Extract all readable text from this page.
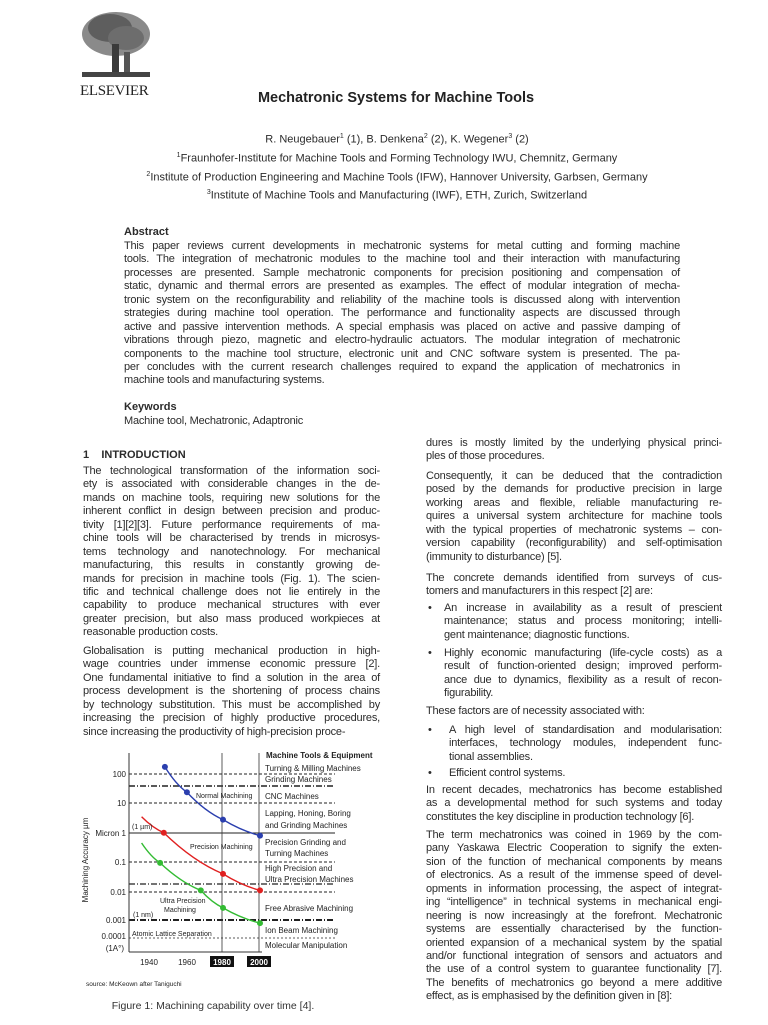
ELSEVIER	Mechatronic Systems for Machine Tools
R. Neugebauer$^1$ (1), B. Denkena$^2$ (2), K. Wegener$^3$ (2)
$^1$Fraunhofer-Institute for Machine Tools and Forming Technology IWU, Chemnitz, Germany
$^2$Institute of Production Engineering and Machine Tools (IFW), Hannover University, Garbsen, Germany
$^3$Institute of Machine Tools and Manufacturing (IWF), ETH, Zurich, Switzerland
Abstract
This paper reviews current developments in mechatronic systems for metal cutting and forming machine
tools. The integration of mechatronic modules to the machine tool and their interaction with manufacturing
processes are presented. Sample mechatronic components for precision positioning and compensation of
static, dynamic and thermal errors are presented as examples. The effect of modular integration of mecha-
tronic system on the reconfigurability and reliability of the machine tools is discussed along with intervention
strategies during machine tool operation. The performance and functionality aspects are discussed through
active and passive intervention methods. A special emphasis was placed on active and passive damping of
vibrations through piezo, magnetic and electro-hydraulic actuators. The modular integration of mechatronic
components to the machine tool structure, electronic unit and CNC software system is presented. The pa-
per concludes with the current research challenges required to expand the application of mechatronics in
machine tools and manufacturing systems.
Keywords
Machine tool, Mechatronic, Adaptronic
1    INTRODUCTION
The technological transformation of the information soci-
ety is associated with considerable changes in the de-
mands on machine tools, requiring new solutions for the
inherent conflict in design between precision and produc-
tivity [1][2][3]. Future performance requirements of ma-
chine tools will be characterised by trends in microsys-
tems technology and nanotechnology. For mechanical
manufacturing, this results in constantly growing de-
mands for precision in machine tools (Fig. 1). The scien-
tific and technical challenge does not lie entirely in the
capability to produce mechanical structures with ever
greater precision, but also mass produced workpieces at
reasonable production costs.
Globalisation is putting mechanical production in high-
wage countries under immense economic pressure [2].
One fundamental initiative to find a solution in the area of
process development is the shortening of process chains
by technology substitution. This must be accomplished by
increasing the precision of highly productive procedures,
since increasing the productivity of high-precision proce-
dures is mostly limited by the underlying physical princi-
ples of those procedures.
Consequently, it can be deduced that the contradiction
posed by the demands for productive precision in large
working areas and flexible, reliable manufacturing re-
quires a universal system architecture for machine tools
with the typical properties of mechatronic systems – con-
version capability (reconfigurability) and self-optimisation
(immunity to disturbance) [5].
The concrete demands identified from surveys of cus-
tomers and manufacturers in this respect [2] are:
• An increase in availability as a result of prescient
maintenance; status and process monitoring; intelli-
gent maintenance; diagnostic functions.
• Highly economic manufacturing (life-cycle costs) as a
result of function-oriented design; improved perform-
ance due to dynamics, flexibility as a result of recon-
figurability.
These factors are of necessity associated with:
• A high level of standardisation and modularisation:
interfaces, technology modules, independent func-
tional assemblies.
• Efficient control systems.
In recent decades, mechatronics has become established
as a developmental method for such systems and today
constitutes the key discipline in production technology [6].
The term mechatronics was coined in 1969 by the com-
pany Yaskawa Electric Cooperation to signify the exten-
sion of the function of mechanical components by means
of electronics. As a result of the immense speed of devel-
opments in information processing, the aspect of integrat-
ing “intelligence” in technical systems in mechanical engi-
neering is now increasingly at the forefront. Mechatronic
systems are essentially characterised by the function-
oriented expansion of a mechanical system by the spatial
and/or functional integration of sensors and actuators and
the use of a control system to guarantee functionality [7].
The benefits of mechatronics go beyond a mere additive
effect, as is emphasised by the definition given in [8]:
Machining Accuracy µm
100
10
Micron 1
0.1
0.01
0.001
0.0001
(1A°)
(1 µm)
(1 nm)
Atomic Lattice Separation
Normal Machining
Precision Machining
Ultra Precision
Machining
1940	1960 1980 2000
Machine Tools & Equipment
Turning & Milling Machines
Grinding Machines
CNC Machines
Lapping, Honing, Boring
and Grinding Machines
Precision Grinding and
Turning Machines
High Precision and
Ultra Precision Machines
Free Abrasive Machining
Ion Beam Machining
Molecular Manipulation
source: McKeown after Taniguchi
Figure 1: Machining capability over time [4].
